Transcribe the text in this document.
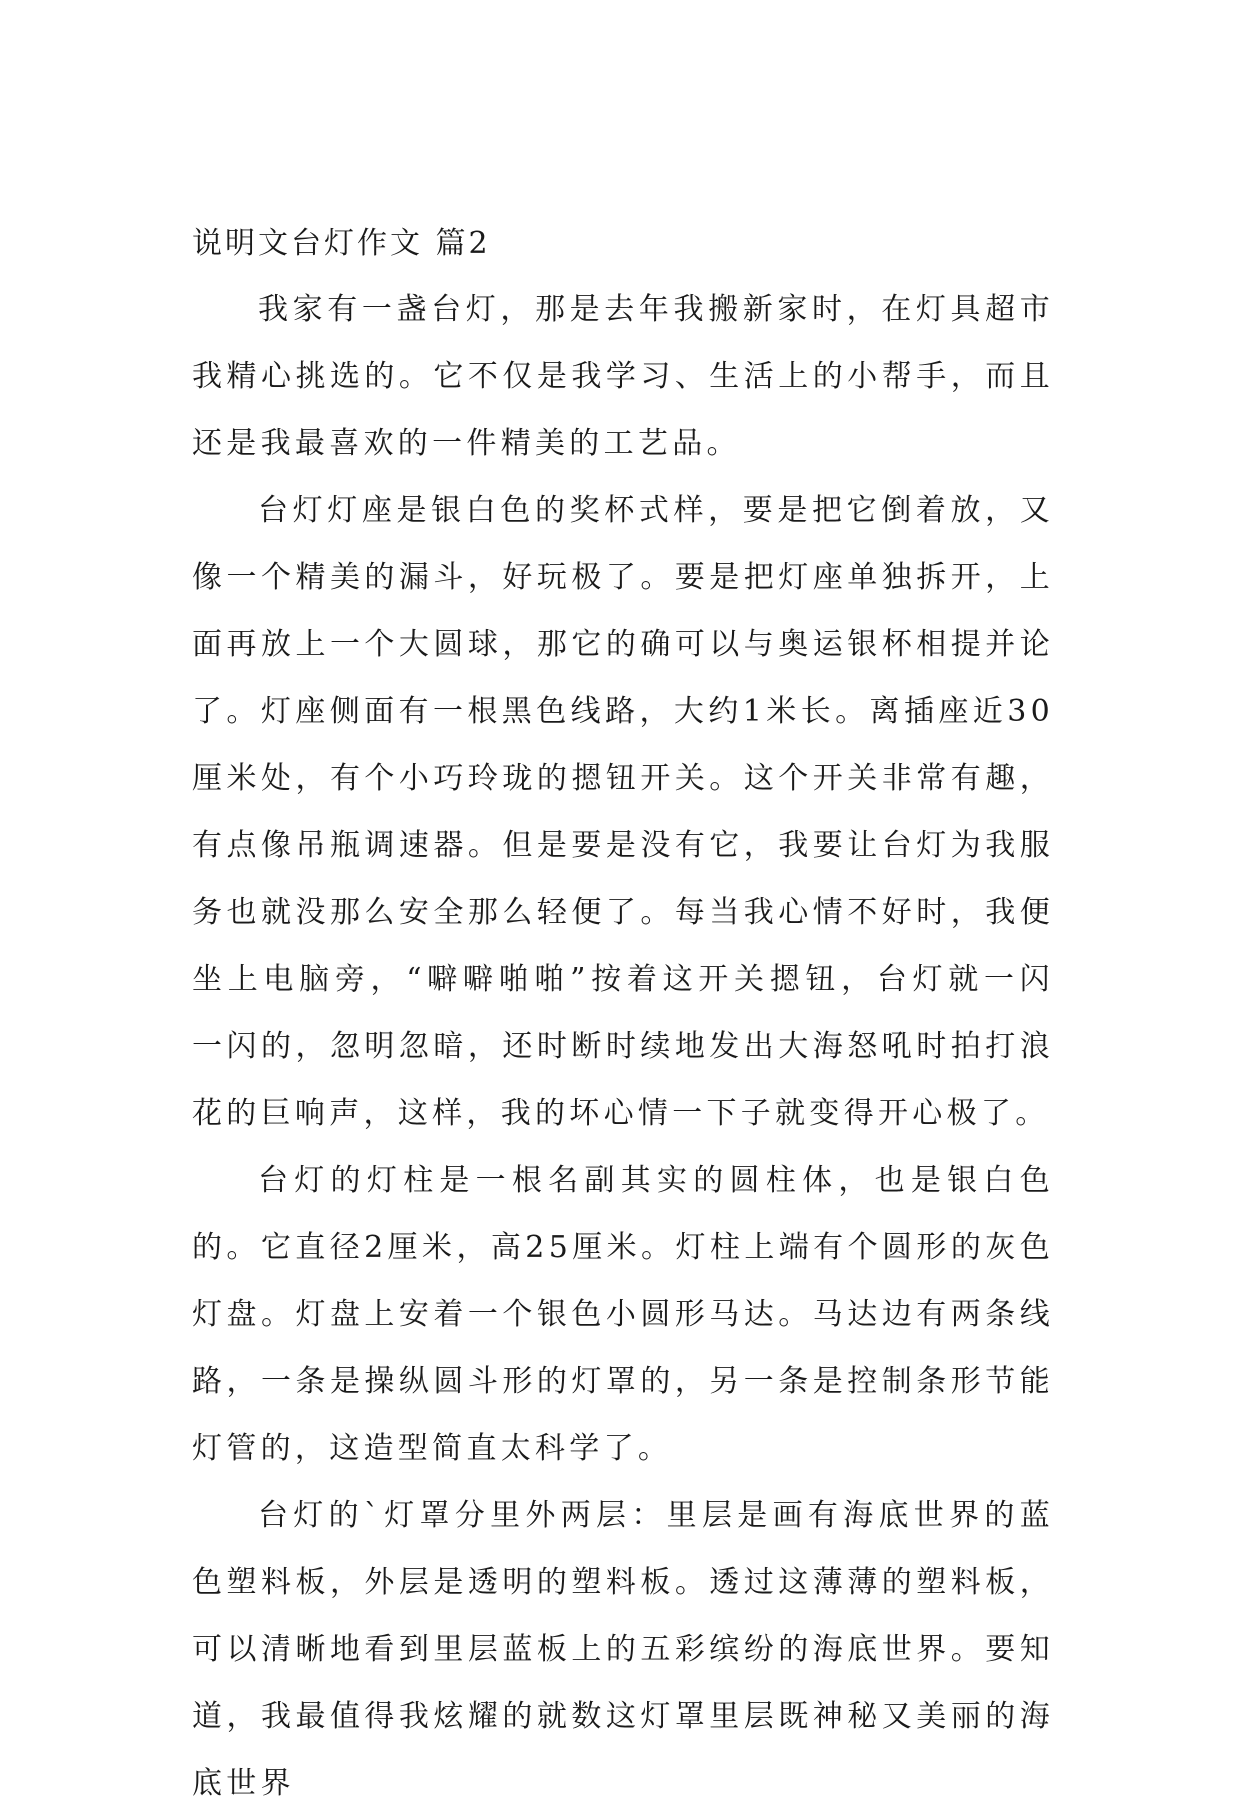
说明文台灯作文 篇2

我家有一盏台灯，那是去年我搬新家时，在灯具超市我精心挑选的。它不仅是我学习、生活上的小帮手，而且还是我最喜欢的一件精美的工艺品。

台灯灯座是银白色的奖杯式样，要是把它倒着放，又像一个精美的漏斗，好玩极了。要是把灯座单独拆开，上面再放上一个大圆球，那它的确可以与奥运银杯相提并论了。灯座侧面有一根黑色线路，大约1米长。离插座近30厘米处，有个小巧玲珑的摁钮开关。这个开关非常有趣，有点像吊瓶调速器。但是要是没有它，我要让台灯为我服务也就没那么安全那么轻便了。每当我心情不好时，我便坐上电脑旁，“噼噼啪啪”按着这开关摁钮，台灯就一闪一闪的，忽明忽暗，还时断时续地发出大海怒吼时拍打浪花的巨响声，这样，我的坏心情一下子就变得开心极了。

台灯的灯柱是一根名副其实的圆柱体，也是银白色的。它直径2厘米，高25厘米。灯柱上端有个圆形的灰色灯盘。灯盘上安着一个银色小圆形马达。马达边有两条线路，一条是操纵圆斗形的灯罩的，另一条是控制条形节能灯管的，这造型简直太科学了。

台灯的`灯罩分里外两层：里层是画有海底世界的蓝色塑料板，外层是透明的塑料板。透过这薄薄的塑料板，可以清晰地看到里层蓝板上的五彩缤纷的海底世界。要知道，我最值得我炫耀的就数这灯罩里层既神秘又美丽的海底世界
